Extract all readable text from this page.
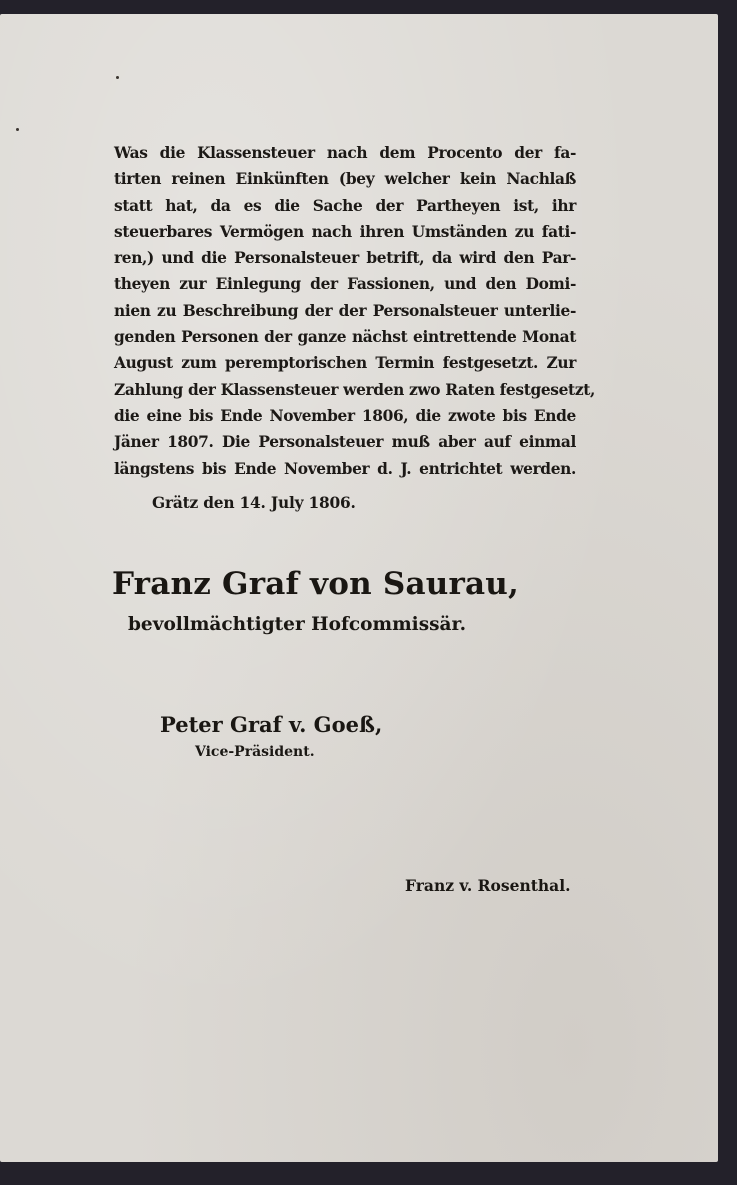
Was die Klassensteuer nach dem Procento der fa-
tirten reinen Einkünften (bey welcher kein Nachlaß
statt hat, da es die Sache der Partheyen ist, ihr
steuerbares Vermögen nach ihren Umständen zu fati-
ren,) und die Personalsteuer betrift, da wird den Par-
theyen zur Einlegung der Fassionen, und den Domi-
nien zu Beschreibung der der Personalsteuer unterlie-
genden Personen der ganze nächst eintrettende Monat
August zum peremptorischen Termin festgesetzt. Zur
Zahlung der Klassensteuer werden zwo Raten festgesetzt,
die eine bis Ende November 1806, die zwote bis Ende
Jäner 1807. Die Personalsteuer muß aber auf einmal
längstens bis Ende November d. J. entrichtet werden.

Grätz den 14. July 1806.
Franz Graf von Saurau,
bevollmächtigter Hofcommissär.
Peter Graf v. Goeß,
Vice-Präsident.
Franz v. Rosenthal.
